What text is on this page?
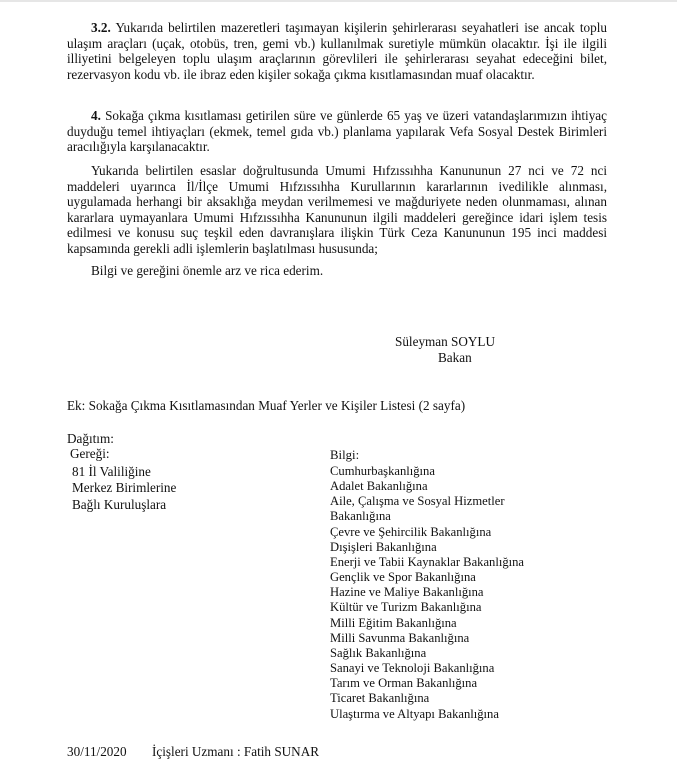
3.2. Yukarıda belirtilen mazeretleri taşımayan kişilerin şehirlerarası seyahatleri ise ancak toplu ulaşım araçları (uçak, otobüs, tren, gemi vb.) kullanılmak suretiyle mümkün olacaktır. İşi ile ilgili illiyetini belgeleyen toplu ulaşım araçlarının görevlileri ile şehirlerarası seyahat edeceğini bilet, rezervasyon kodu vb. ile ibraz eden kişiler sokağa çıkma kısıtlamasından muaf olacaktır.

4. Sokağa çıkma kısıtlaması getirilen süre ve günlerde 65 yaş ve üzeri vatandaşlarımızın ihtiyaç duyduğu temel ihtiyaçları (ekmek, temel gıda vb.) planlama yapılarak Vefa Sosyal Destek Birimleri aracılığıyla karşılanacaktır.

Yukarıda belirtilen esaslar doğrultusunda Umumi Hıfzıssıhha Kanununun 27 nci ve 72 nci maddeleri uyarınca İl/İlçe Umumi Hıfzıssıhha Kurullarının kararlarının ivedilikle alınması, uygulamada herhangi bir aksaklığa meydan verilmemesi ve mağduriyete neden olunmaması, alınan kararlara uymayanlara Umumi Hıfzıssıhha Kanununun ilgili maddeleri gereğince idari işlem tesis edilmesi ve konusu suç teşkil eden davranışlara ilişkin Türk Ceza Kanununun 195 inci maddesi kapsamında gerekli adli işlemlerin başlatılması hususunda;

Bilgi ve gereğini önemle arz ve rica ederim.

Süleyman SOYLU
Bakan

Ek: Sokağa Çıkma Kısıtlamasından Muaf Yerler ve Kişiler Listesi (2 sayfa)

Dağıtım:

Gereği:	Bilgi:

81 İl Valiliğine
Merkez Birimlerine
Bağlı Kuruluşlara
Cumhurbaşkanlığına
Adalet Bakanlığına
Aile, Çalışma ve Sosyal Hizmetler
Bakanlığına
Çevre ve Şehircilik Bakanlığına
Dışişleri Bakanlığına
Enerji ve Tabii Kaynaklar Bakanlığına
Gençlik ve Spor Bakanlığına
Hazine ve Maliye Bakanlığına
Kültür ve Turizm Bakanlığına
Milli Eğitim Bakanlığına
Milli Savunma Bakanlığına
Sağlık Bakanlığına
Sanayi ve Teknoloji Bakanlığına
Tarım ve Orman Bakanlığına
Ticaret Bakanlığına
Ulaştırma ve Altyapı Bakanlığına

30/11/2020 İçişleri Uzmanı : Fatih SUNAR
